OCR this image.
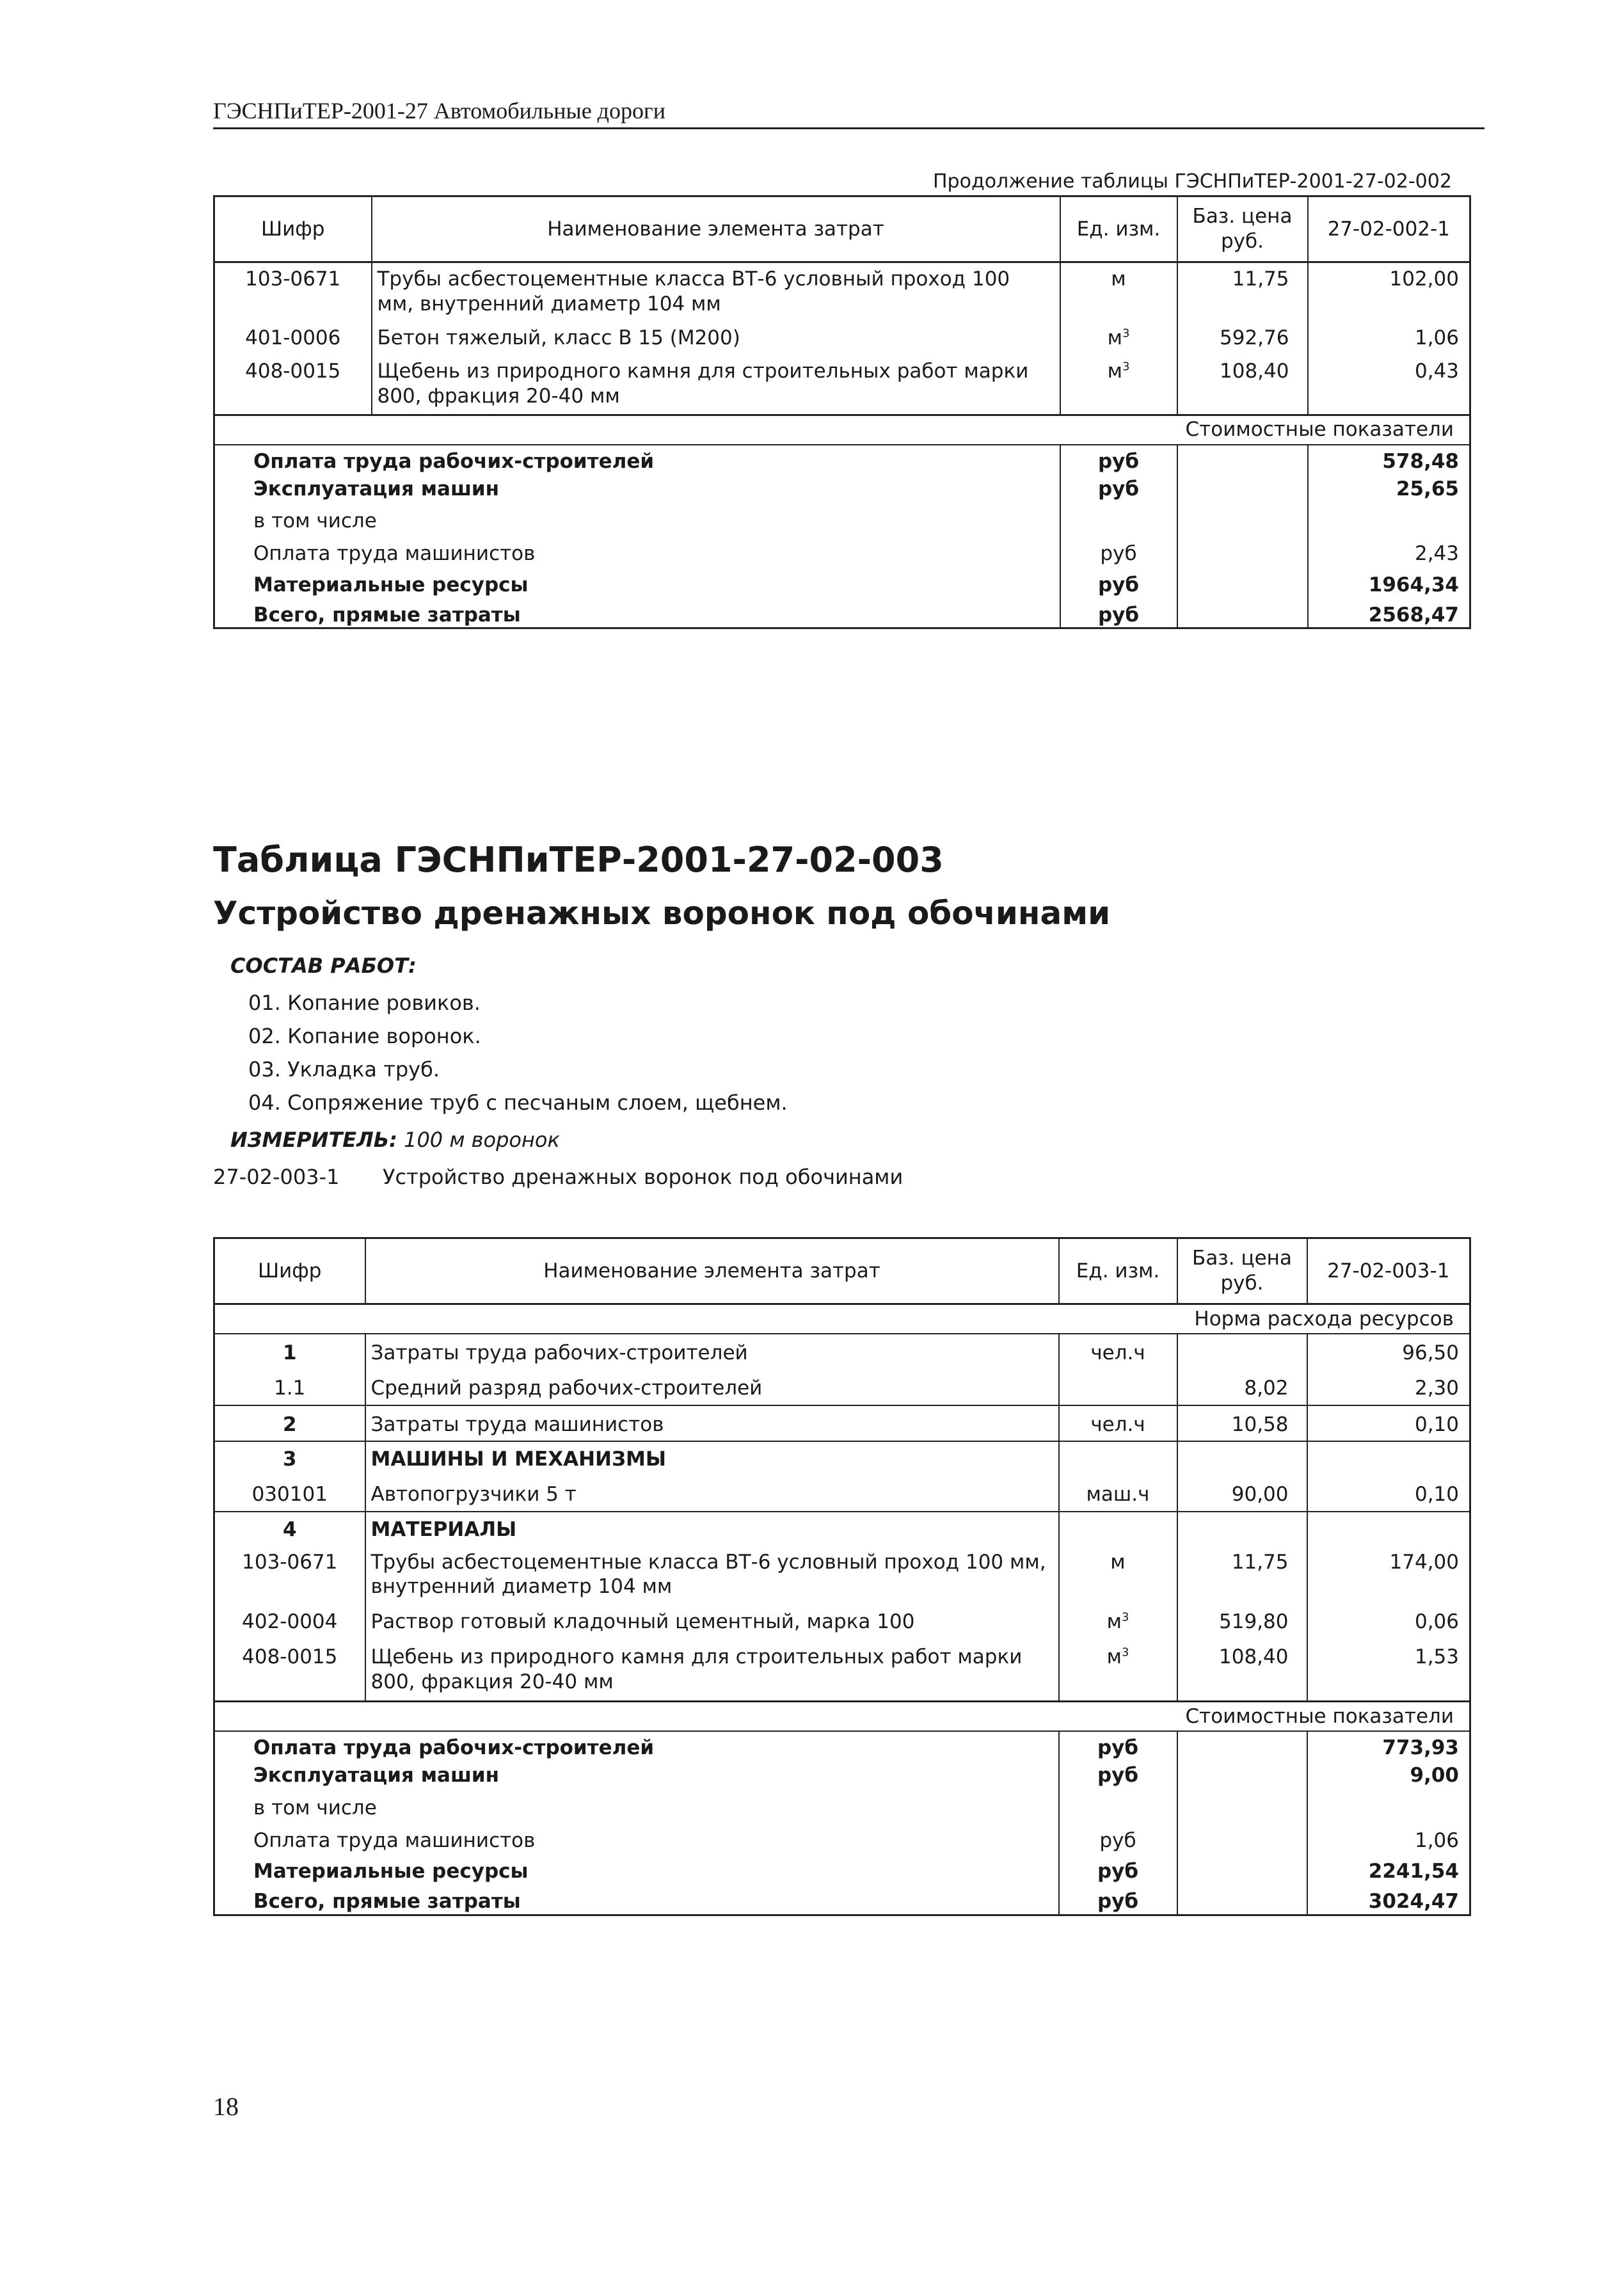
ГЭСНПиТЕР-2001-27 Автомобильные дороги
Продолжение таблицы ГЭСНПиТЕР-2001-27-02-002
Шифр	Наименование элемента затрат	Ед. изм.	Баз. цена руб.	27-02-002-1
103-0671	Трубы асбестоцементные класса ВТ-6 условный проход 100 мм, внутренний диаметр 104 мм	м	11,75	102,00
401-0006	Бетон тяжелый, класс В 15 (М200)	$м^3$	592,76	1,06
408-0015	Щебень из природного камня для строительных работ марки 800, фракция 20-40 мм	$м^3$	108,40	0,43
Стоимостные показатели				
Оплата труда рабочих-строителей		руб		578,48
Эксплуатация машин		руб		25,65
в том числе				
Оплата труда машинистов		руб		2,43
Материальные ресурсы		руб		1964,34
Всего, прямые затраты		руб		2568,47
Таблица ГЭСНПиТЕР-2001-27-02-003
Устройство дренажных воронок под обочинами
СОСТАВ РАБОТ:
01. Копание ровиков.
02. Копание воронок.
03. Укладка труб.
04. Сопряжение труб с песчаным слоем, щебнем.
ИЗМЕРИТЕЛЬ: 100 м воронок
27-02-003-1 Устройство дренажных воронок под обочинами
Шифр	Наименование элемента затрат	Ед. изм.	Баз. цена руб.	27-02-003-1
Норма расхода ресурсов				
1	Затраты труда рабочих-строителей	чел.ч		96,50
1.1	Средний разряд рабочих-строителей		8,02	2,30
2	Затраты труда машинистов	чел.ч	10,58	0,10
3	МАШИНЫ И МЕХАНИЗМЫ			
030101	Автопогрузчики 5 т	маш.ч	90,00	0,10
4	МАТЕРИАЛЫ			
103-0671	Трубы асбестоцементные класса ВТ-6 условный проход 100 мм, внутренний диаметр 104 мм	м	11,75	174,00
402-0004	Раствор готовый кладочный цементный, марка 100	$м^3$	519,80	0,06
408-0015	Щебень из природного камня для строительных работ марки 800, фракция 20-40 мм	$м^3$	108,40	1,53
Стоимостные показатели				
Оплата труда рабочих-строителей		руб		773,93
Эксплуатация машин		руб		9,00
в том числе				
Оплата труда машинистов		руб		1,06
Материальные ресурсы		руб		2241,54
Всего, прямые затраты		руб		3024,47
18
